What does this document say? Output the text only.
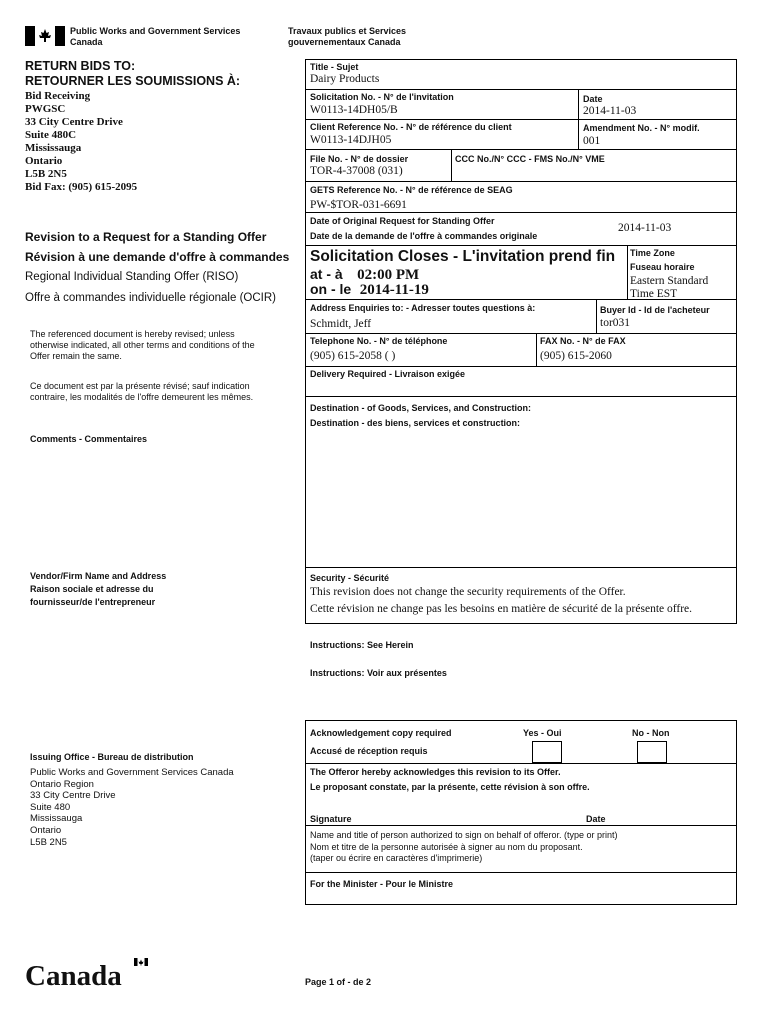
Public Works and Government Services
Canada
Travaux publics et Services
gouvernementaux Canada
RETURN BIDS TO:
RETOURNER LES SOUMISSIONS À:
Bid Receiving
PWGSC
33 City Centre Drive
Suite 480C
Mississauga
Ontario
L5B 2N5
Bid Fax: (905) 615-2095
Revision to a Request for a Standing Offer
Révision à une demande d'offre à commandes
Regional Individual Standing Offer (RISO)
Offre à commandes individuelle régionale (OCIR)
The referenced document is hereby revised; unless
otherwise indicated, all other terms and conditions of the
Offer remain the same.
Ce document est par la présente révisé; sauf indication
contraire, les modalités de l'offre demeurent les mêmes.
Comments - Commentaires
Vendor/Firm Name and Address
Raison sociale et adresse du
fournisseur/de l'entrepreneur
Issuing Office - Bureau de distribution
Public Works and Government Services Canada
Ontario Region
33 City Centre Drive
Suite 480
Mississauga
Ontario
L5B 2N5
Title - Sujet
Dairy Products
Solicitation No. - N° de l'invitation
W0113-14DH05/B
Date
2014-11-03
Client Reference No. - N° de référence du client
W0113-14DJH05
Amendment No. - N° modif.
001
File No. - N° de dossier
TOR-4-37008 (031)
CCC No./N° CCC - FMS No./N° VME
GETS Reference No. - N° de référence de SEAG
PW-$TOR-031-6691
Date of Original Request for Standing Offer
Date de la demande de l'offre à commandes originale
2014-11-03
Solicitation Closes - L'invitation prend fin
at - à 02:00 PM
on - le 2014-11-19
Time Zone
Fuseau horaire
Eastern Standard
Time EST
Address Enquiries to: - Adresser toutes questions à:
Schmidt, Jeff
Buyer Id - Id de l'acheteur
tor031
Telephone No. - N° de téléphone
(905) 615-2058 ( )
FAX No. - N° de FAX
(905) 615-2060
Delivery Required - Livraison exigée
Destination - of Goods, Services, and Construction:
Destination - des biens, services et construction:
Security - Sécurité
This revision does not change the security requirements of the Offer.
Cette révision ne change pas les besoins en matière de sécurité de la présente offre.
Instructions: See Herein
Instructions: Voir aux présentes
Acknowledgement copy required
Accusé de réception requis
Yes - Oui	No - Non
The Offeror hereby acknowledges this revision to its Offer.
Le proposant constate, par la présente, cette révision à son offre.
Signature	Date
Name and title of person authorized to sign on behalf of offeror. (type or print)
Nom et titre de la personne autorisée à signer au nom du proposant.
(taper ou écrire en caractères d'imprimerie)
For the Minister - Pour le Ministre
Canada	Page 1 of - de 2
